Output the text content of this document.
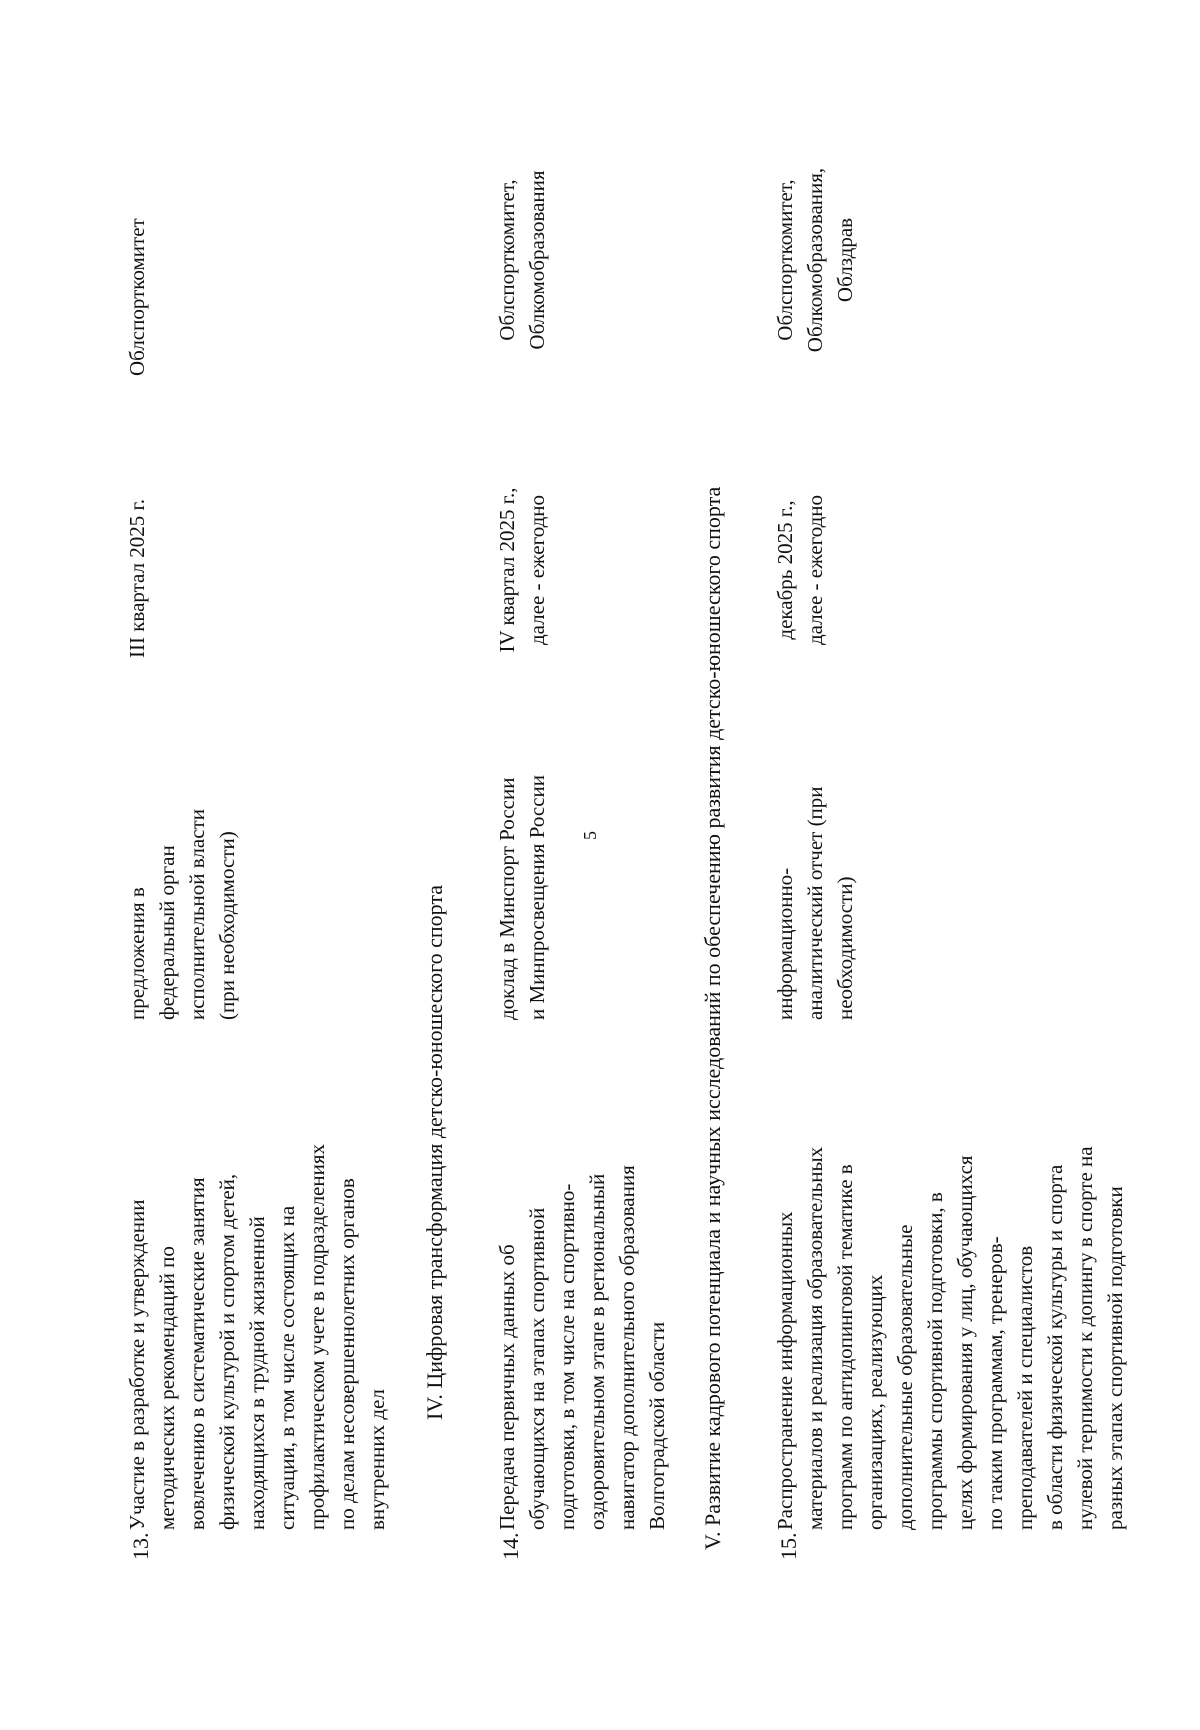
5
13.
Участие в разработке и утверждении методических рекомендаций по вовлечению в систематические занятия физической культурой и спортом детей, находящихся в трудной жизненной ситуации, в том числе состоящих на профилактическом учете в подразделениях по делам несовершеннолетних органов внутренних дел
предложения в федеральный орган исполнительной власти (при необходимости)
III квартал 2025 г.
Облспорткомитет
IV. Цифровая трансформация детско-юношеского спорта
14.
Передача первичных данных об обучающихся на этапах спортивной подготовки, в том числе на спортивно- оздоровительном этапе в региональный навигатор дополнительного образования Волгоградской области
доклад в Минспорт России и Минпросвещения России
IV квартал 2025 г., далее - ежегодно
Облспорткомитет, Облкомобразования
V. Развитие кадрового потенциала и научных исследований по обеспечению развития детско-юношеского спорта 15.
Распространение информационных материалов и реализация образовательных программ по антидопинговой тематике в организациях, реализующих дополнительные образовательные программы спортивной подготовки, в целях формирования у лиц, обучающихся по таким программам, тренеров- преподавателей и специалистов в области физической культуры и спорта нулевой терпимости к допингу в спорте на разных этапах спортивной подготовки
информационно- аналитический отчет (при необходимости)
декабрь 2025 г., далее - ежегодно
Облспорткомитет, Облкомобразования, Облздрав
